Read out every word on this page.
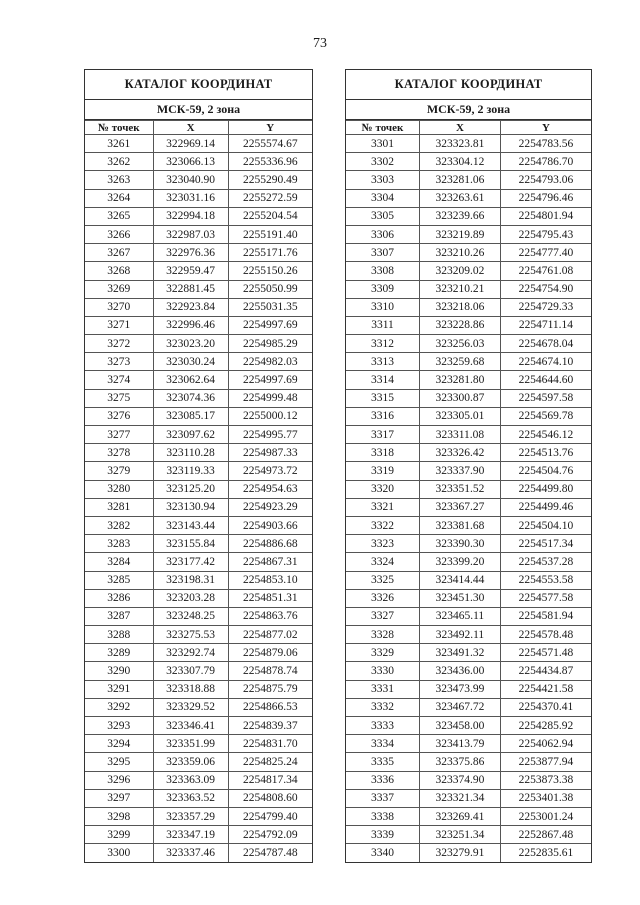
73
КАТАЛОГ КООРДИНАТ
МСК-59, 2 зона
№ точек	X	Y
3261	322969.14	2255574.67
3262	323066.13	2255336.96
3263	323040.90	2255290.49
3264	323031.16	2255272.59
3265	322994.18	2255204.54
3266	322987.03	2255191.40
3267	322976.36	2255171.76
3268	322959.47	2255150.26
3269	322881.45	2255050.99
3270	322923.84	2255031.35
3271	322996.46	2254997.69
3272	323023.20	2254985.29
3273	323030.24	2254982.03
3274	323062.64	2254997.69
3275	323074.36	2254999.48
3276	323085.17	2255000.12
3277	323097.62	2254995.77
3278	323110.28	2254987.33
3279	323119.33	2254973.72
3280	323125.20	2254954.63
3281	323130.94	2254923.29
3282	323143.44	2254903.66
3283	323155.84	2254886.68
3284	323177.42	2254867.31
3285	323198.31	2254853.10
3286	323203.28	2254851.31
3287	323248.25	2254863.76
3288	323275.53	2254877.02
3289	323292.74	2254879.06
3290	323307.79	2254878.74
3291	323318.88	2254875.79
3292	323329.52	2254866.53
3293	323346.41	2254839.37
3294	323351.99	2254831.70
3295	323359.06	2254825.24
3296	323363.09	2254817.34
3297	323363.52	2254808.60
3298	323357.29	2254799.40
3299	323347.19	2254792.09
3300	323337.46	2254787.48
КАТАЛОГ КООРДИНАТ
МСК-59, 2 зона
№ точек	X	Y
3301	323323.81	2254783.56
3302	323304.12	2254786.70
3303	323281.06	2254793.06
3304	323263.61	2254796.46
3305	323239.66	2254801.94
3306	323219.89	2254795.43
3307	323210.26	2254777.40
3308	323209.02	2254761.08
3309	323210.21	2254754.90
3310	323218.06	2254729.33
3311	323228.86	2254711.14
3312	323256.03	2254678.04
3313	323259.68	2254674.10
3314	323281.80	2254644.60
3315	323300.87	2254597.58
3316	323305.01	2254569.78
3317	323311.08	2254546.12
3318	323326.42	2254513.76
3319	323337.90	2254504.76
3320	323351.52	2254499.80
3321	323367.27	2254499.46
3322	323381.68	2254504.10
3323	323390.30	2254517.34
3324	323399.20	2254537.28
3325	323414.44	2254553.58
3326	323451.30	2254577.58
3327	323465.11	2254581.94
3328	323492.11	2254578.48
3329	323491.32	2254571.48
3330	323436.00	2254434.87
3331	323473.99	2254421.58
3332	323467.72	2254370.41
3333	323458.00	2254285.92
3334	323413.79	2254062.94
3335	323375.86	2253877.94
3336	323374.90	2253873.38
3337	323321.34	2253401.38
3338	323269.41	2253001.24
3339	323251.34	2252867.48
3340	323279.91	2252835.61
